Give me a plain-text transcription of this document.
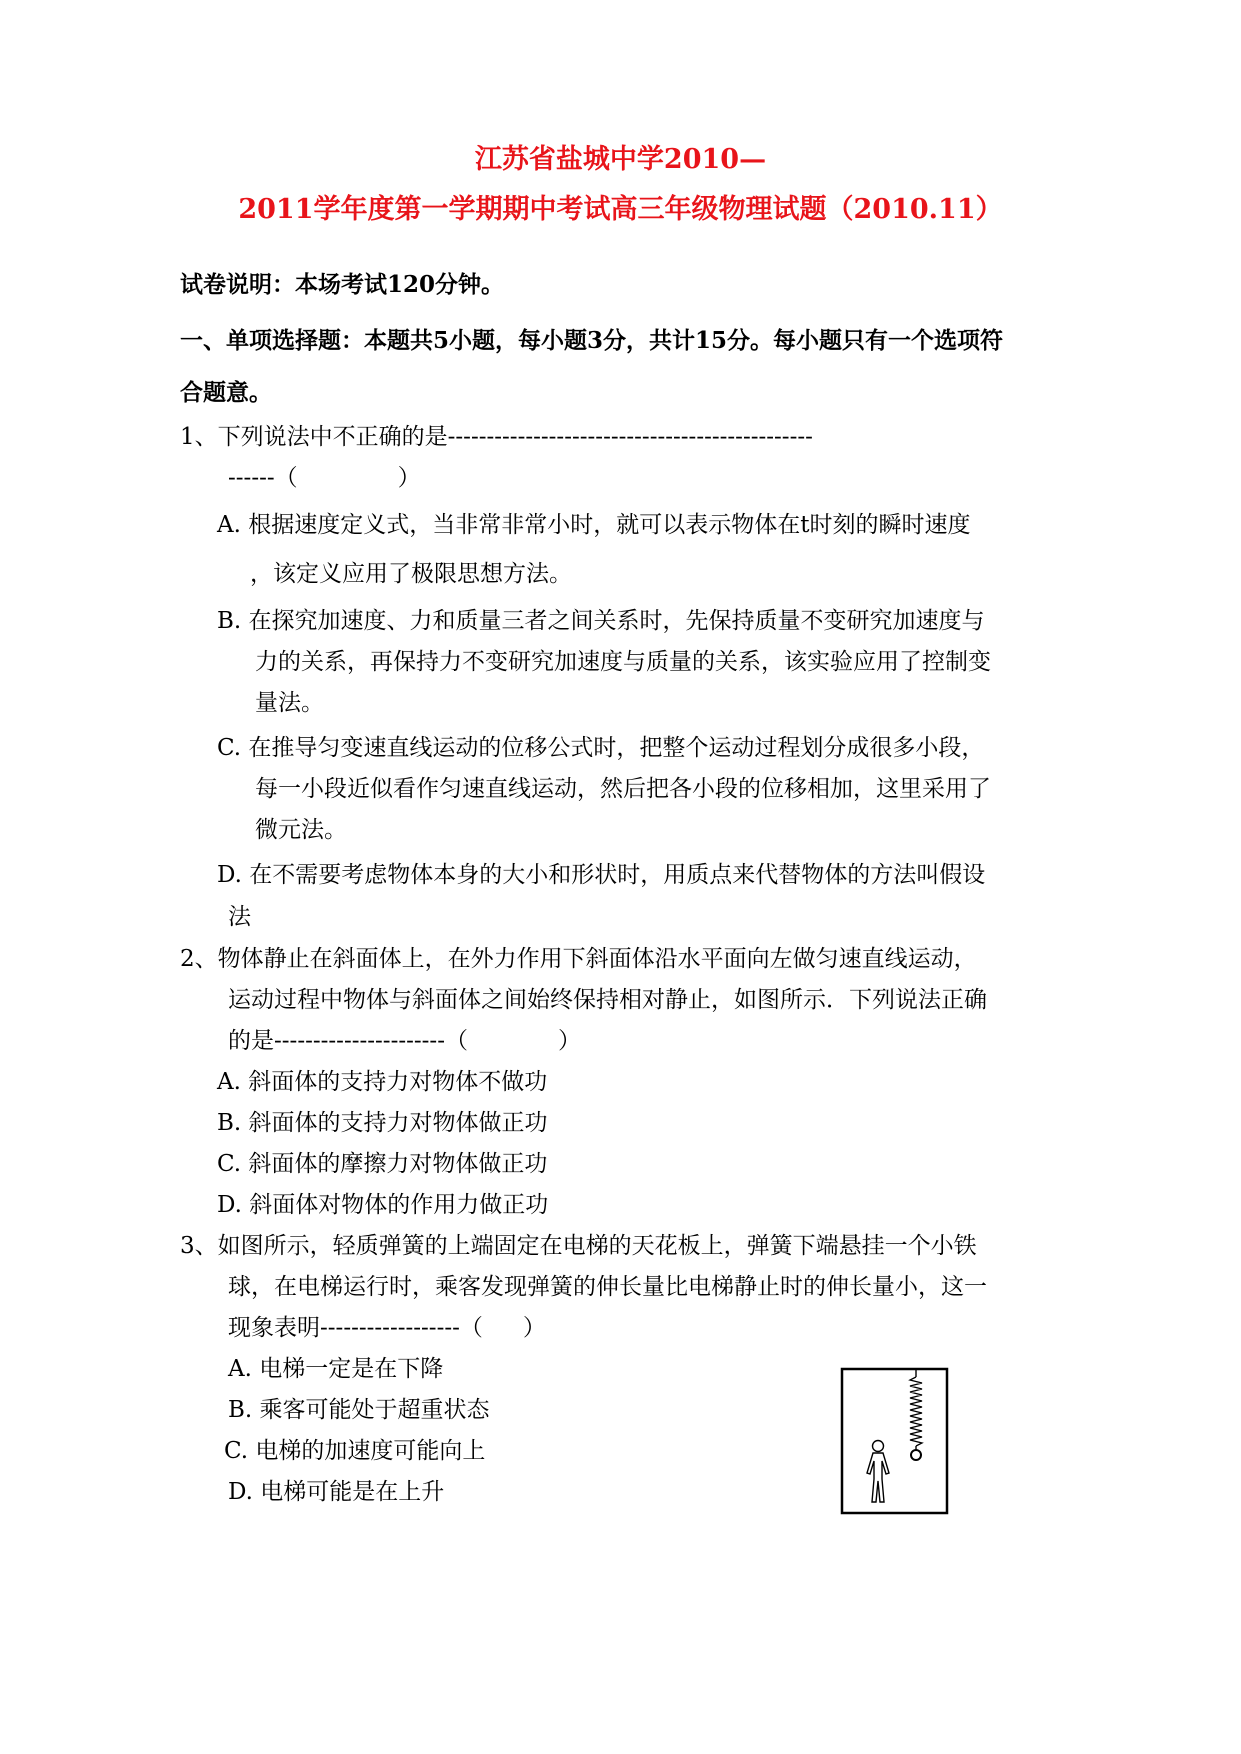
江苏省盐城中学2010—
2011学年度第一学期期中考试高三年级物理试题（2010.11）
试卷说明：本场考试120分钟。
一、单项选择题：本题共5小题，每小题3分，共计15分。每小题只有一个选项符
合题意。
1、下列说法中不正确的是-----------------------------------------------
------（	）
A. 根据速度定义式，当非常非常小时，就可以表示物体在t时刻的瞬时速度
，该定义应用了极限思想方法。
B. 在探究加速度、力和质量三者之间关系时，先保持质量不变研究加速度与
力的关系，再保持力不变研究加速度与质量的关系，该实验应用了控制变
量法。
C. 在推导匀变速直线运动的位移公式时，把整个运动过程划分成很多小段，
每一小段近似看作匀速直线运动，然后把各小段的位移相加，这里采用了
微元法。
D. 在不需要考虑物体本身的大小和形状时，用质点来代替物体的方法叫假设
法
2、物体静止在斜面体上，在外力作用下斜面体沿水平面向左做匀速直线运动，
运动过程中物体与斜面体之间始终保持相对静止，如图所示．下列说法正确
的是----------------------（	）
A. 斜面体的支持力对物体不做功
B. 斜面体的支持力对物体做正功
C. 斜面体的摩擦力对物体做正功
D. 斜面体对物体的作用力做正功
3、如图所示，轻质弹簧的上端固定在电梯的天花板上，弹簧下端悬挂一个小铁
球，在电梯运行时，乘客发现弹簧的伸长量比电梯静止时的伸长量小，这一
现象表明------------------（ ）
A. 电梯一定是在下降
B. 乘客可能处于超重状态
C. 电梯的加速度可能向上
D. 电梯可能是在上升
